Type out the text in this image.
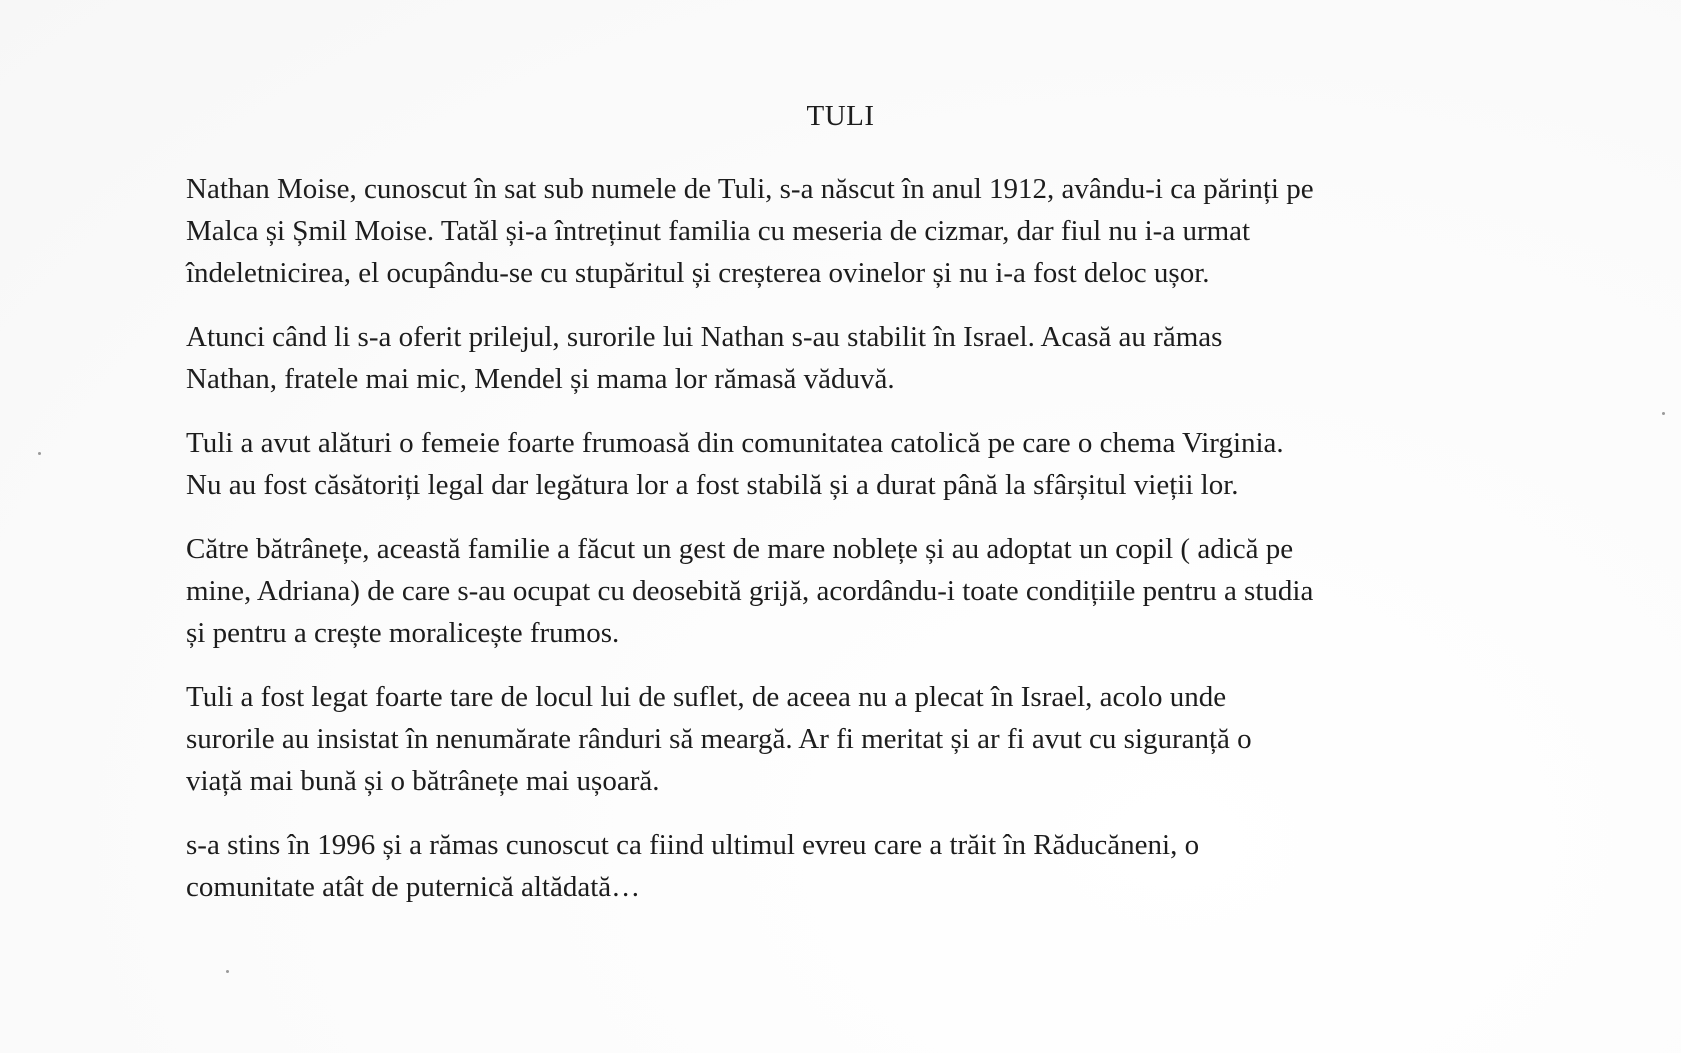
TULI

Nathan Moise, cunoscut în sat sub numele de Tuli, s-a născut în anul 1912, avându-i ca părinți pe
Malca și Șmil Moise. Tatăl și-a întreținut familia cu meseria de cizmar, dar fiul nu i-a urmat
îndeletnicirea, el ocupându-se cu stupăritul și creșterea ovinelor și nu i-a fost deloc ușor.

Atunci când li s-a oferit prilejul, surorile lui Nathan s-au stabilit în Israel. Acasă au rămas
Nathan, fratele mai mic, Mendel și mama lor rămasă văduvă.

Tuli a avut alături o femeie foarte frumoasă din comunitatea catolică pe care o chema Virginia.
Nu au fost căsătoriți legal dar legătura lor a fost stabilă și a durat până la sfârșitul vieții lor.

Către bătrânețe, această familie a făcut un gest de mare noblețe și au adoptat un copil ( adică pe
mine, Adriana) de care s-au ocupat cu deosebită grijă, acordându-i toate condițiile pentru a studia
și pentru a crește moralicește frumos.

Tuli a fost legat foarte tare de locul lui de suflet, de aceea nu a plecat în Israel, acolo unde
surorile au insistat în nenumărate rânduri să meargă. Ar fi meritat și ar fi avut cu siguranță o
viață mai bună și o bătrânețe mai ușoară.

s-a stins în 1996 și a rămas cunoscut ca fiind ultimul evreu care a trăit în Răducăneni, o
comunitate atât de puternică altădată…
